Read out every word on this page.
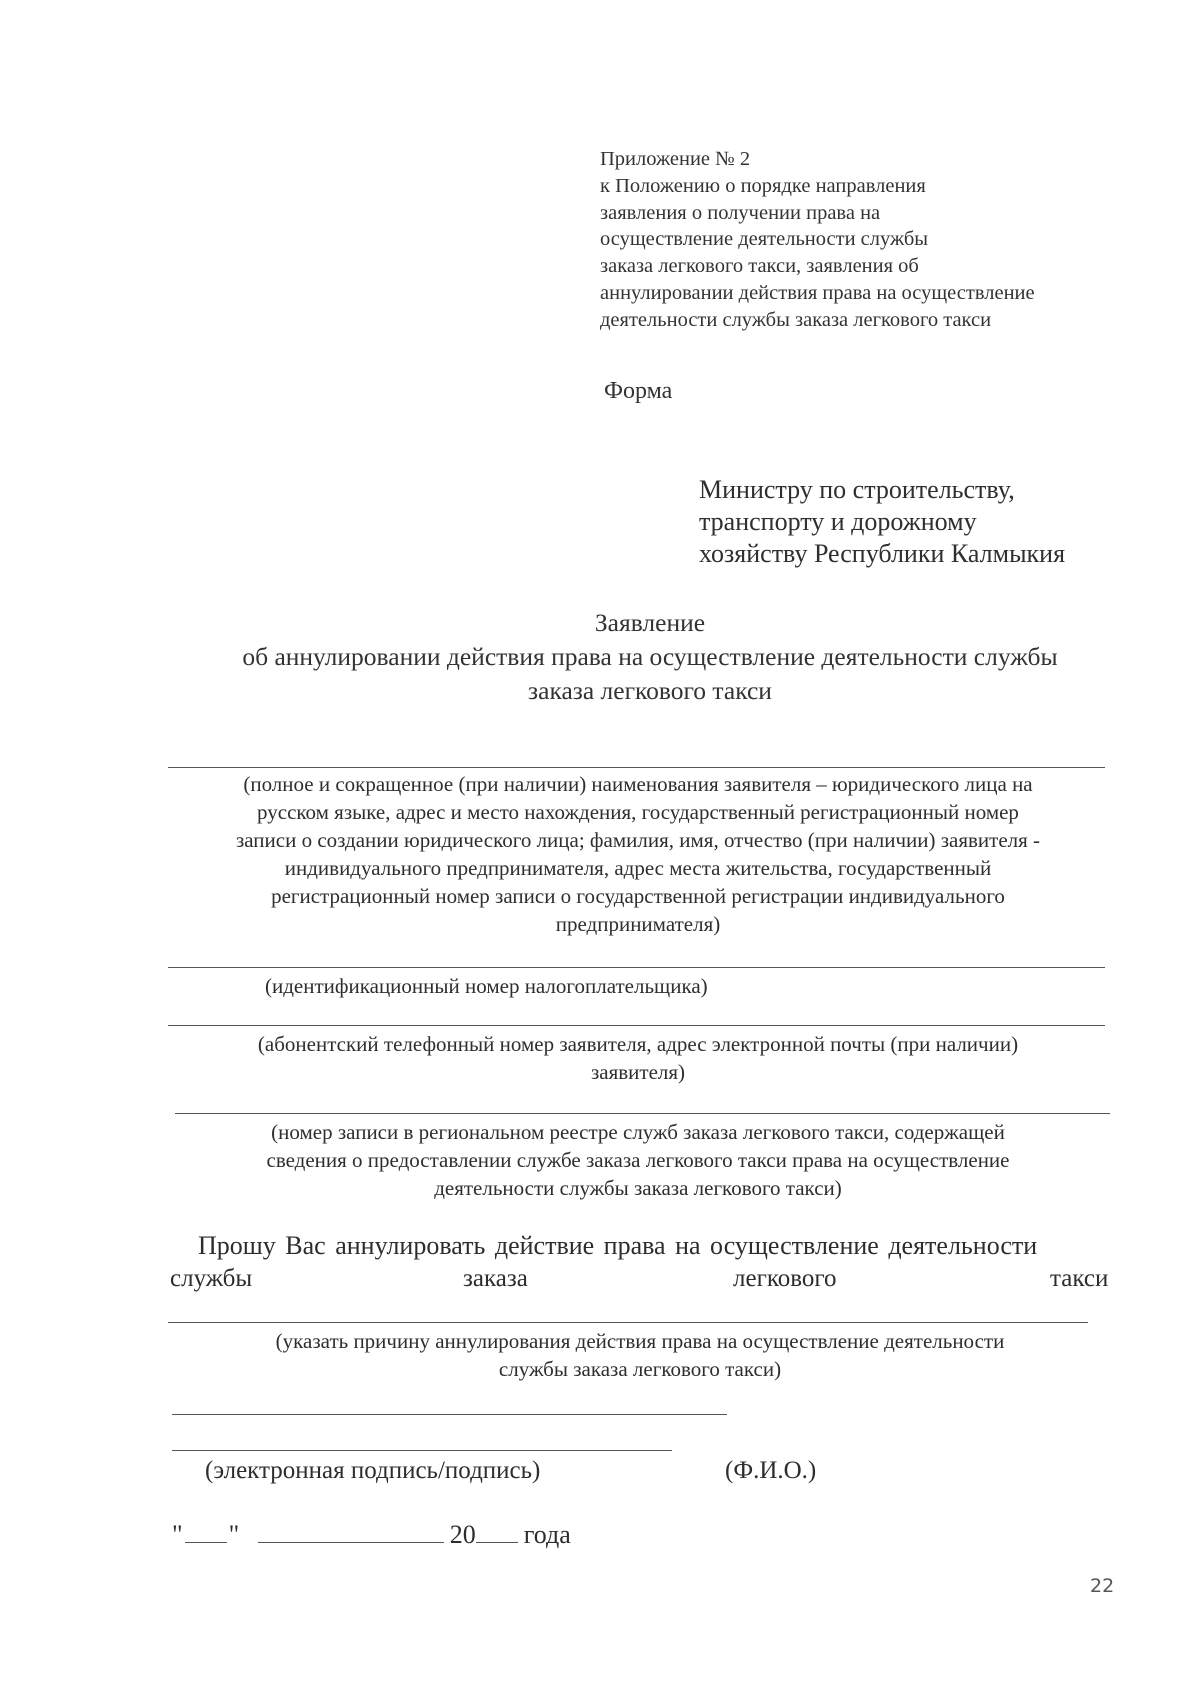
Приложение № 2
к Положению о порядке направления
заявления о получении права на
осуществление деятельности службы
заказа легкового такси, заявления об
аннулировании действия права на осуществление
деятельности службы заказа легкового такси
Форма
Министру по строительству,
транспорту и дорожному
хозяйству Республики Калмыкия
Заявление
об аннулировании действия права на осуществление деятельности службы
заказа легкового такси
(полное и сокращенное (при наличии) наименования заявителя – юридического лица на
русском языке, адрес и место нахождения, государственный регистрационный номер
записи о создании юридического лица; фамилия, имя, отчество (при наличии) заявителя -
индивидуального предпринимателя, адрес места жительства, государственный
регистрационный номер записи о государственной регистрации индивидуального
предпринимателя)
(идентификационный номер налогоплательщика)
(абонентский телефонный номер заявителя, адрес электронной почты (при наличии)
заявителя)
(номер записи в региональном реестре служб заказа легкового такси, содержащей
сведения о предоставлении службе заказа легкового такси права на осуществление
деятельности службы заказа легкового такси)
Прошу Вас аннулировать действие права на осуществление деятельности
службы	заказа	легкового	такси
(указать причину аннулирования действия права на осуществление деятельности
службы заказа легкового такси)
(электронная подпись/подпись)	(Ф.И.О.)
" "	20 года
22
